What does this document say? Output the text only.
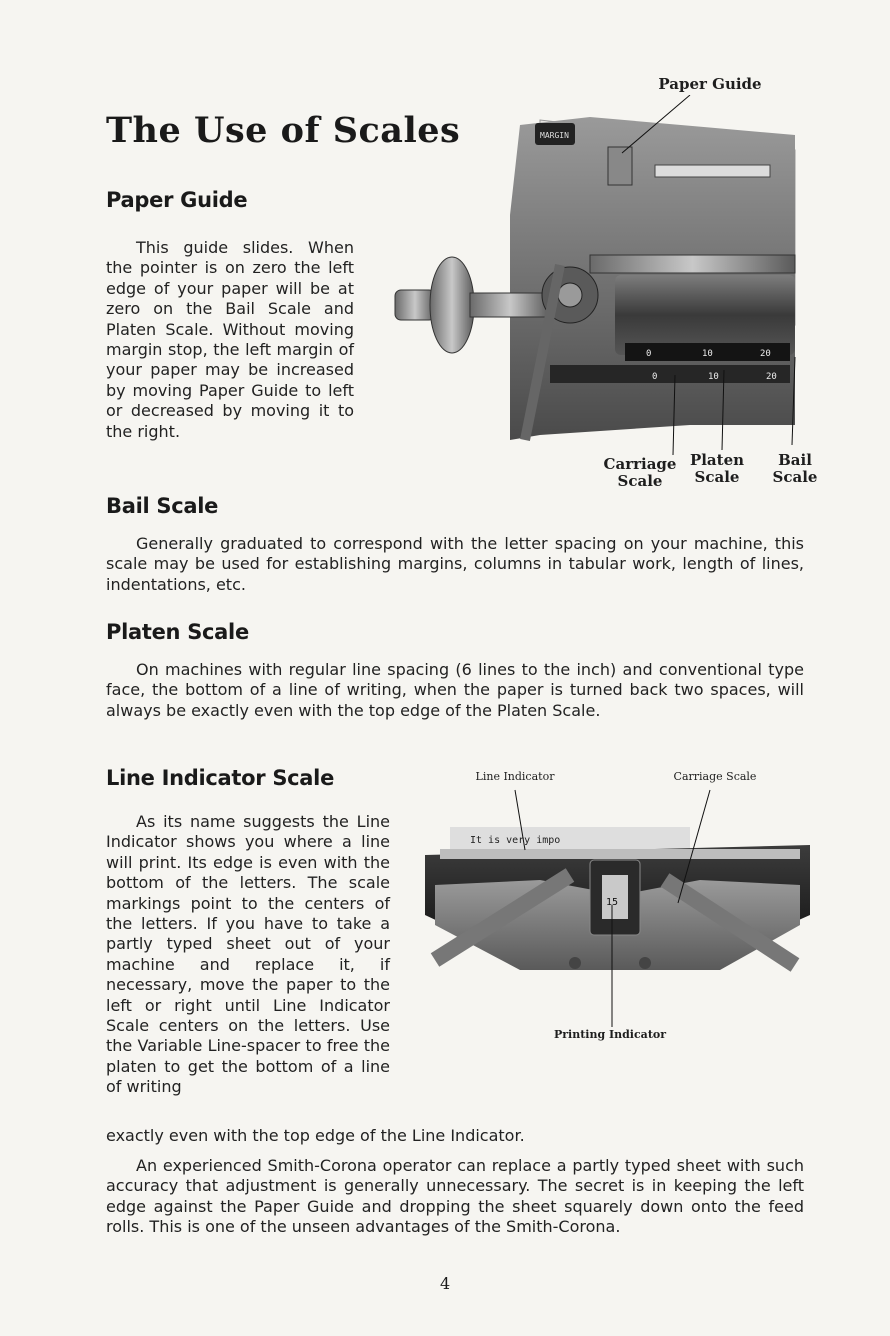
The Use of Scales
Paper Guide

This guide slides. When the pointer is on zero the left edge of your paper will be at zero on the Bail Scale and Platen Scale. Without moving margin stop, the left margin of your paper may be increased by moving Paper Guide to left or decreased by moving it to the right.

Paper Guide
MARGIN
0	10	20
0	10	20
Carriage
Scale
Platen
Scale
Bail
Scale
Bail Scale

Generally graduated to correspond with the letter spacing on your machine, this scale may be used for establishing margins, columns in tabular work, length of lines, indentations, etc.

Platen Scale

On machines with regular line spacing (6 lines to the inch) and conventional type face, the bottom of a line of writing, when the paper is turned back two spaces, will always be exactly even with the top edge of the Platen Scale.

Line Indicator Scale

As its name suggests the Line Indicator shows you where a line will print. Its edge is even with the bottom of the letters. The scale markings point to the centers of the letters. If you have to take a partly typed sheet out of your machine and replace it, if necessary, move the paper to the left or right until Line Indicator Scale centers on the letters. Use the Variable Line-spacer to free the platen to get the bottom of a line of writing

exactly even with the top edge of the Line Indicator.

Line Indicator	Carriage Scale
It is very impo
15
Printing Indicator

An experienced Smith-Corona operator can replace a partly typed sheet with such accuracy that adjustment is generally unnecessary. The secret is in keeping the left edge against the Paper Guide and dropping the sheet squarely down onto the feed rolls. This is one of the unseen advantages of the Smith-Corona.

4
